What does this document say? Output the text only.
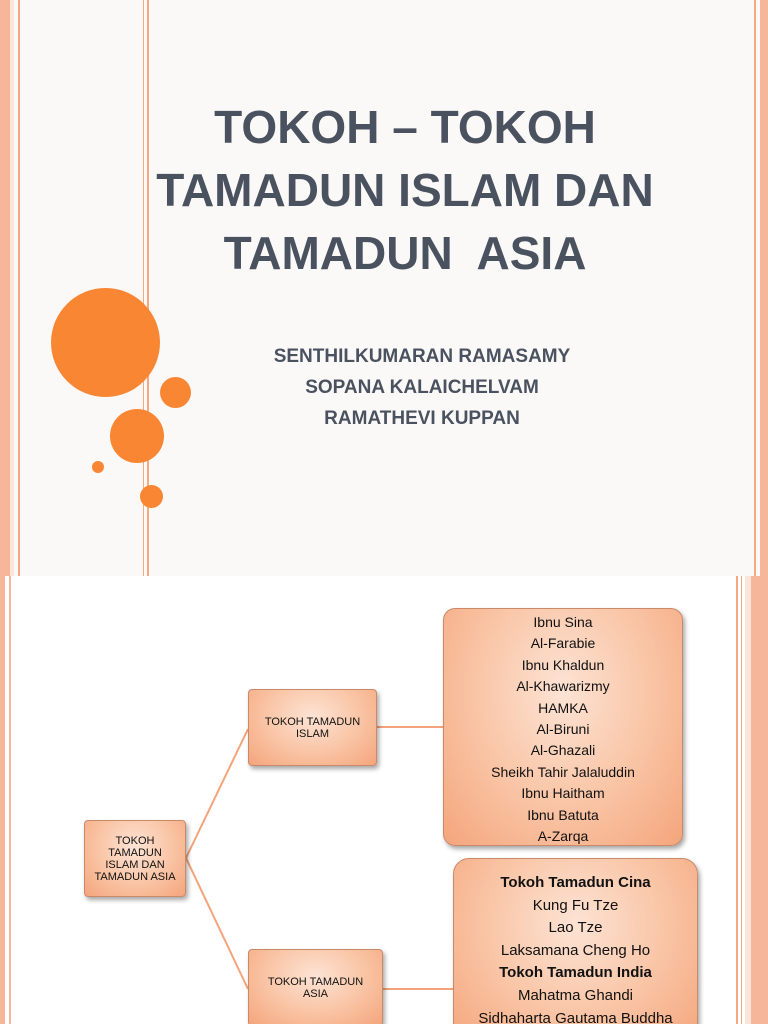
TOKOH – TOKOH
TAMADUN ISLAM DAN
TAMADUN  ASIA
SENTHILKUMARAN RAMASAMY
SOPANA KALAICHELVAM
RAMATHEVI KUPPAN
TOKOH
TAMADUN
ISLAM DAN
TAMADUN ASIA
TOKOH TAMADUN
ISLAM
TOKOH TAMADUN
ASIA
Ibnu Sina
Al-Farabie
Ibnu Khaldun
Al-Khawarizmy
HAMKA
Al-Biruni
Al-Ghazali
Sheikh Tahir Jalaluddin
Ibnu Haitham
Ibnu Batuta
A-Zarqa
Tokoh Tamadun Cina
Kung Fu Tze
Lao Tze
Laksamana Cheng Ho
Tokoh Tamadun India
Mahatma Ghandi
Sidhaharta Gautama Buddha
